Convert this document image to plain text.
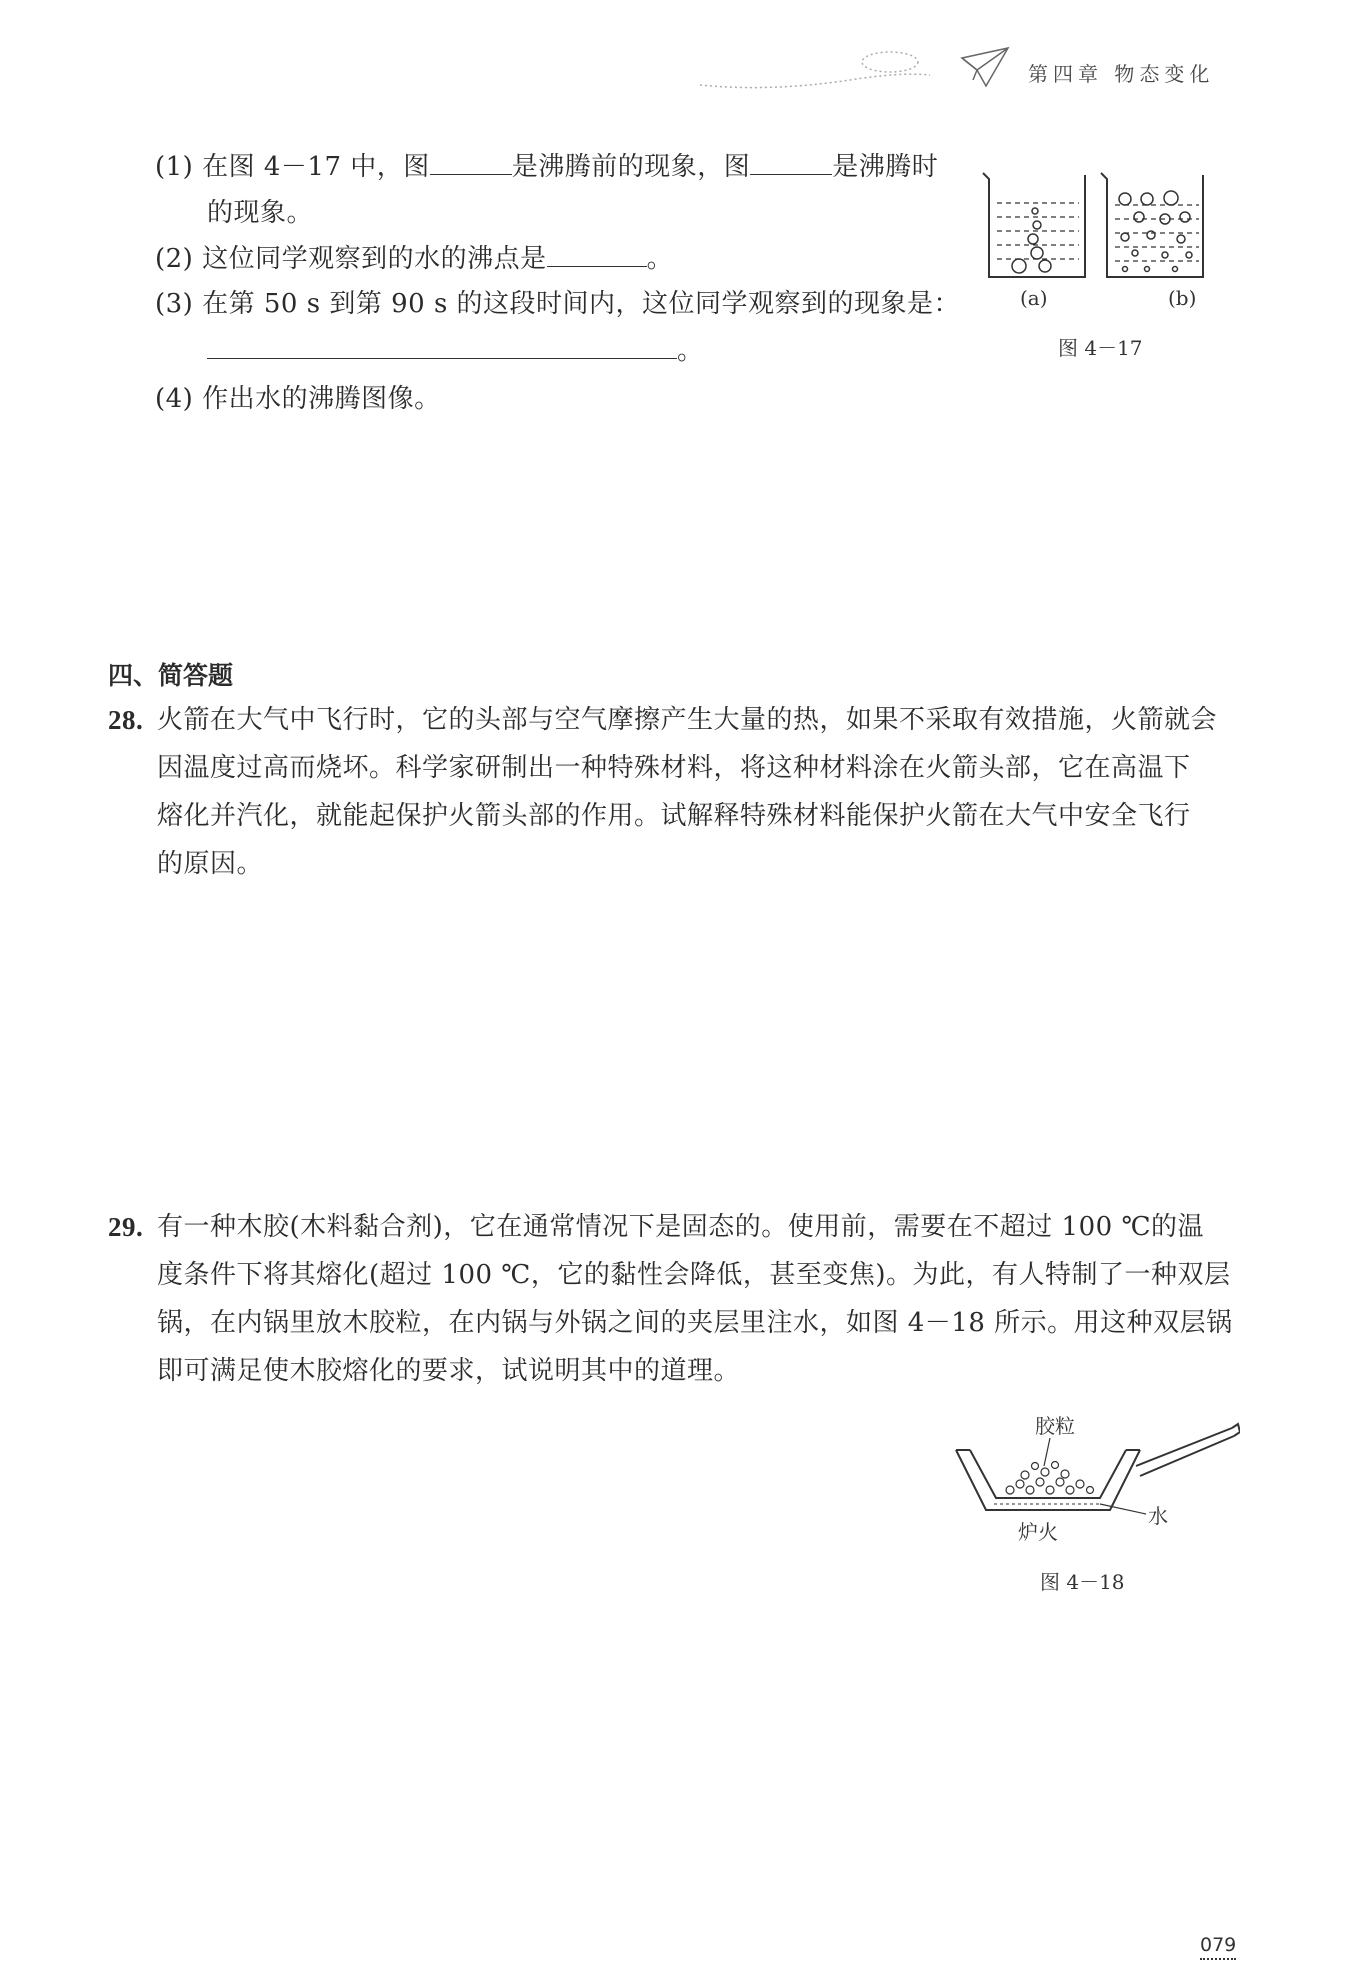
第四章 物态变化
(1) 在图 4－17 中，图	是沸腾前的现象，图	是沸腾时
的现象。
(2) 这位同学观察到的水的沸点是	。
(3) 在第 50 s 到第 90 s 的这段时间内，这位同学观察到的现象是：
。
(4) 作出水的沸腾图像。
(a)	(b)
图 4－17
四、简答题
28. 火箭在大气中飞行时，它的头部与空气摩擦产生大量的热，如果不采取有效措施，火箭就会
因温度过高而烧坏。科学家研制出一种特殊材料，将这种材料涂在火箭头部，它在高温下
熔化并汽化，就能起保护火箭头部的作用。试解释特殊材料能保护火箭在大气中安全飞行
的原因。
29. 有一种木胶(木料黏合剂)，它在通常情况下是固态的。使用前，需要在不超过 100 ℃的温
度条件下将其熔化(超过 100 ℃，它的黏性会降低，甚至变焦)。为此，有人特制了一种双层
锅，在内锅里放木胶粒，在内锅与外锅之间的夹层里注水，如图 4－18 所示。用这种双层锅
即可满足使木胶熔化的要求，试说明其中的道理。
胶粒
水
炉火
图 4－18
079
